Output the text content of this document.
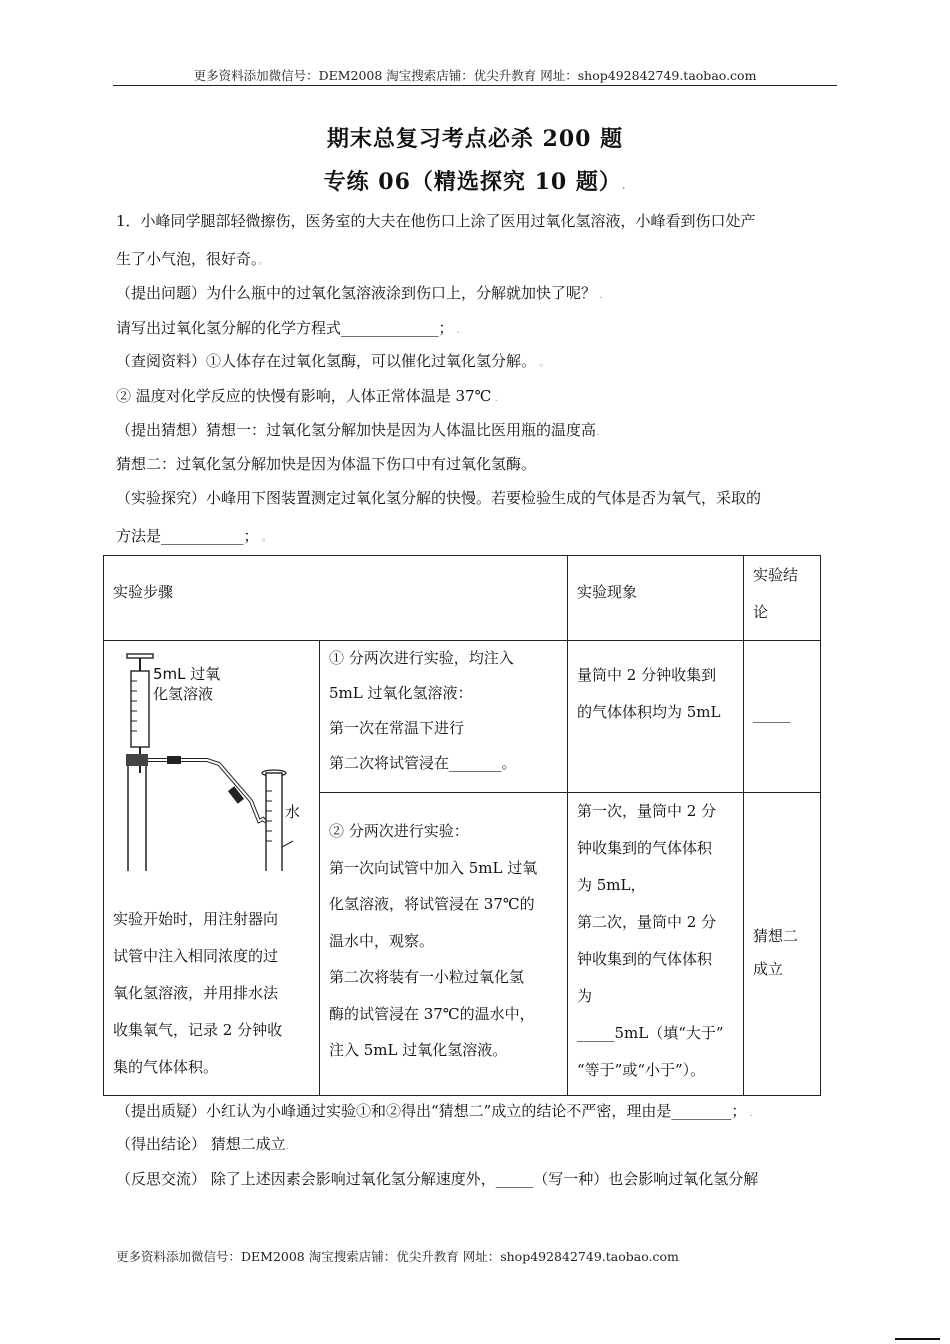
更多资料添加微信号：DEM2008 淘宝搜索店铺：优尖升教育 网址：shop492842749.taobao.com
期末总复习考点必杀 200 题
专练 06（精选探究 10 题）.
1．小峰同学腿部轻微擦伤，医务室的大夫在他伤口上涂了医用过氧化氢溶液，小峰看到伤口处产
生了小气泡，很好奇。。
（提出问题）为什么瓶中的过氧化氢溶液涂到伤口上，分解就加快了呢？ .
请写出过氧化氢分解的化学方程式_____________； .
（查阅资料）①人体存在过氧化氢酶，可以催化过氧化氢分解。 。
② 温度对化学反应的快慢有影响，人体正常体温是 37℃ .
（提出猜想）猜想一：过氧化氢分解加快是因为人体温比医用瓶的温度高.
猜想二：过氧化氢分解加快是因为体温下伤口中有过氧化氢酶。
（实验探究）小峰用下图装置测定过氧化氢分解的快慢。若要检验生成的气体是否为氧气，采取的
方法是___________； 。
实验步骤	实验现象
实验结
论
5mL 过氧
化氢溶液
水
实验开始时，用注射器向
试管中注入相同浓度的过
氧化氢溶液，并用排水法
收集氧气，记录 2 分钟收
集的气体体积。
① 分两次进行实验，均注入
5mL 过氧化氢溶液：
第一次在常温下进行
第二次将试管浸在_______。
量筒中 2 分钟收集到
的气体体积均为 5mL _____
② 分两次进行实验：
第一次向试管中加入 5mL 过氧
化氢溶液，将试管浸在 37℃的
温水中，观察。
第二次将装有一小粒过氧化氢
酶的试管浸在 37℃的温水中，
注入 5mL 过氧化氢溶液。
第一次，量筒中 2 分
钟收集到的气体体积
为 5mL，
第二次，量筒中 2 分
钟收集到的气体体积
为
_____5mL（填“大于”
“等于”或“小于”）。
猜想二
成立
（提出质疑）小红认为小峰通过实验①和②得出“猜想二”成立的结论不严密，理由是________； .
（得出结论） 猜想二成立.
（反思交流） 除了上述因素会影响过氧化氢分解速度外，_____（写一种）也会影响过氧化氢分解
更多资料添加微信号：DEM2008 淘宝搜索店铺：优尖升教育 网址：shop492842749.taobao.com
